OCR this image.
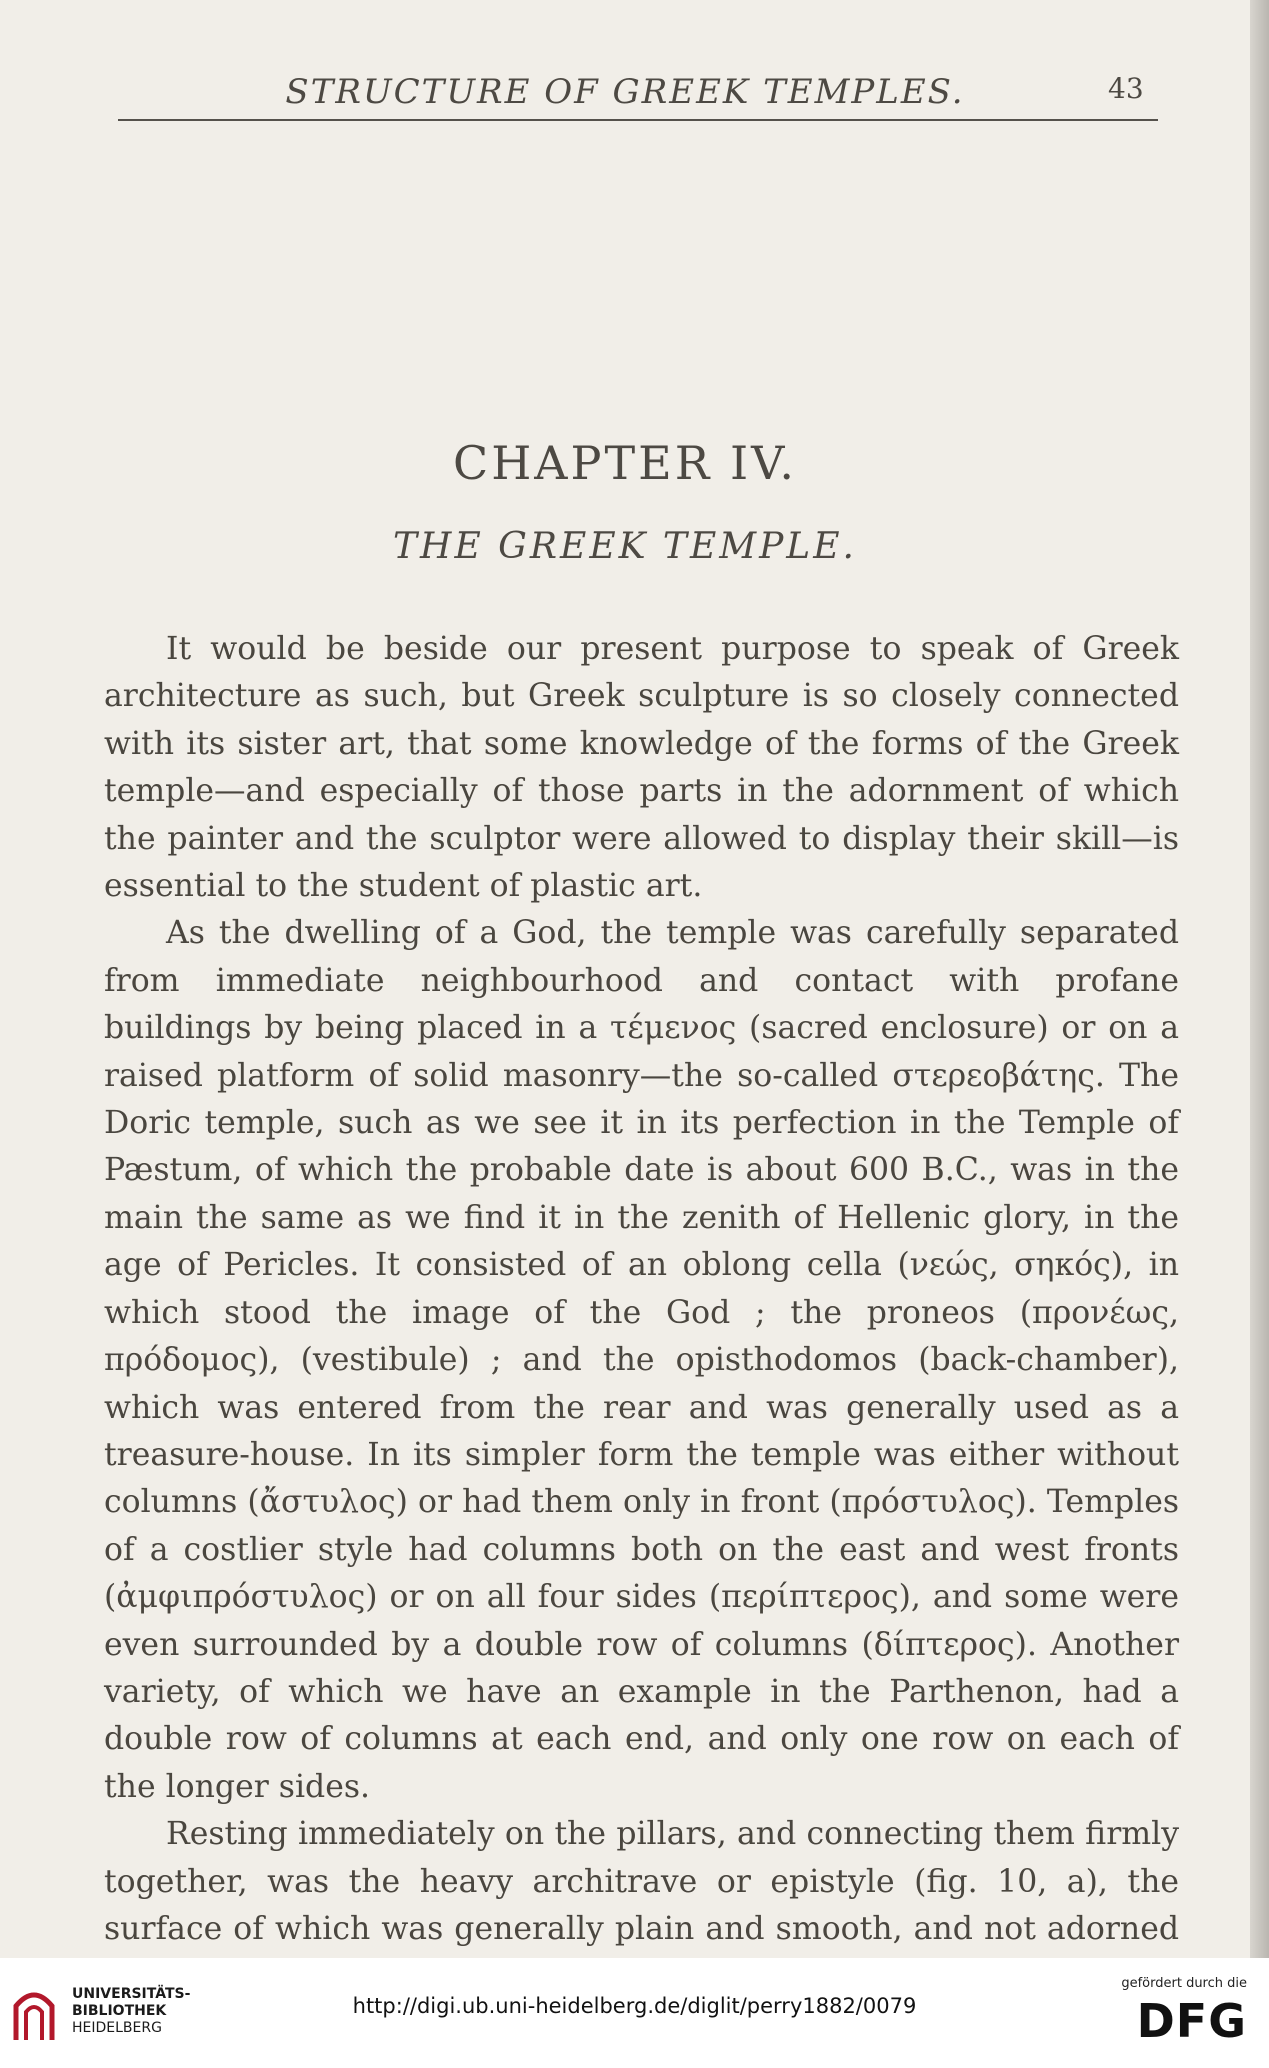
STRUCTURE OF GREEK TEMPLES.	43
CHAPTER IV.
THE GREEK TEMPLE.

It would be beside our present purpose to speak of Greek architecture as such, but Greek sculpture is so closely connected with its sister art, that some knowledge of the forms of the Greek temple—and especially of those parts in the adornment of which the painter and the sculptor were allowed to display their skill—is essential to the student of plastic art.

As the dwelling of a God, the temple was carefully separated from immediate neighbourhood and contact with profane buildings by being placed in a τέμενος (sacred enclosure) or on a raised platform of solid masonry—the so-called στερεοβάτης. The Doric temple, such as we see it in its perfection in the Temple of Pæstum, of which the probable date is about 600 B.C., was in the main the same as we find it in the zenith of Hellenic glory, in the age of Pericles. It consisted of an oblong cella (νεώς, σηκός), in which stood the image of the God ; the proneos (προνέως, πρόδομος), (vestibule) ; and the opisthodomos (back-chamber), which was entered from the rear and was generally used as a treasure-house. In its simpler form the temple was either without columns (ἄστυλος) or had them only in front (πρόστυλος). Temples of a costlier style had columns both on the east and west fronts (ἀμφιπρόστυλος) or on all four sides (περίπτερος), and some were even surrounded by a double row of columns (δίπτερος). Another variety, of which we have an example in the Parthenon, had a double row of columns at each end, and only one row on each of the longer sides.

Resting immediately on the pillars, and connecting them firmly together, was the heavy architrave or epistyle (fig. 10, a), the surface of which was generally plain and smooth, and not adorned

UNIVERSITÄTS-
BIBLIOTHEK
HEIDELBERG
http://digi.ub.uni-heidelberg.de/diglit/perry1882/0079
gefördert durch die
DFG
